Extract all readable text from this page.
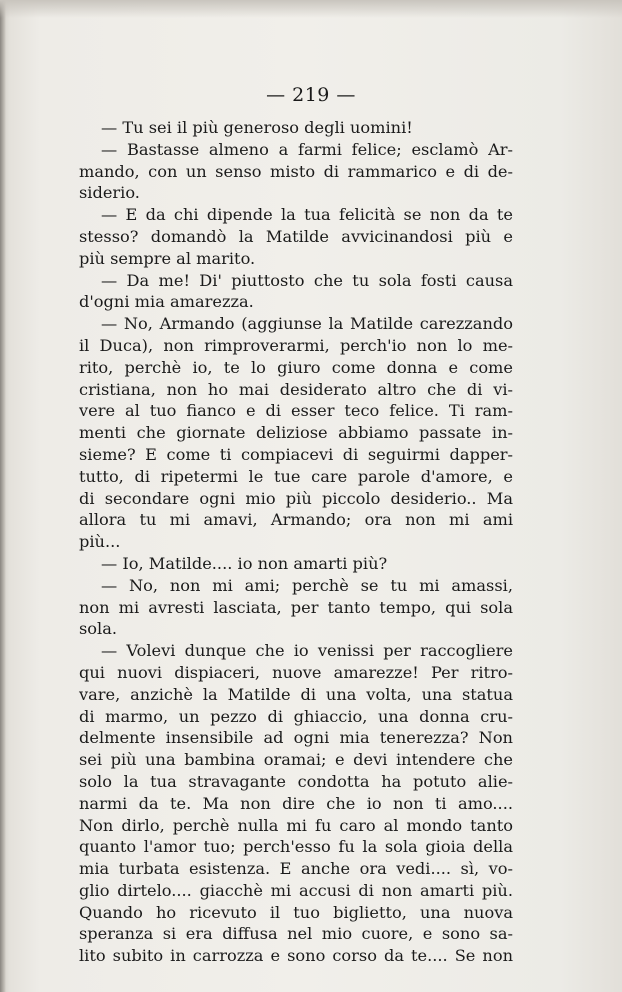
— 219 —
— Tu sei il più generoso degli uomini!
— Bastasse almeno a farmi felice; esclamò Ar-
mando, con un senso misto di rammarico e di de-
siderio.
— E da chi dipende la tua felicità se non da te
stesso? domandò la Matilde avvicinandosi più e
più sempre al marito.
— Da me! Di' piuttosto che tu sola fosti causa
d'ogni mia amarezza.
— No, Armando (aggiunse la Matilde carezzando
il Duca), non rimproverarmi, perch'io non lo me-
rito, perchè io, te lo giuro come donna e come
cristiana, non ho mai desiderato altro che di vi-
vere al tuo fianco e di esser teco felice. Ti ram-
menti che giornate deliziose abbiamo passate in-
sieme? E come ti compiacevi di seguirmi dapper-
tutto, di ripetermi le tue care parole d'amore, e
di secondare ogni mio più piccolo desiderio.. Ma
allora tu mi amavi, Armando; ora non mi ami
più...
— Io, Matilde.... io non amarti più?
— No, non mi ami; perchè se tu mi amassi,
non mi avresti lasciata, per tanto tempo, qui sola
sola.
— Volevi dunque che io venissi per raccogliere
qui nuovi dispiaceri, nuove amarezze! Per ritro-
vare, anzichè la Matilde di una volta, una statua
di marmo, un pezzo di ghiaccio, una donna cru-
delmente insensibile ad ogni mia tenerezza? Non
sei più una bambina oramai; e devi intendere che
solo la tua stravagante condotta ha potuto alie-
narmi da te. Ma non dire che io non ti amo....
Non dirlo, perchè nulla mi fu caro al mondo tanto
quanto l'amor tuo; perch'esso fu la sola gioia della
mia turbata esistenza. E anche ora vedi.... sì, vo-
glio dirtelo.... giacchè mi accusi di non amarti più.
Quando ho ricevuto il tuo biglietto, una nuova
speranza si era diffusa nel mio cuore, e sono sa-
lito subito in carrozza e sono corso da te.... Se non
